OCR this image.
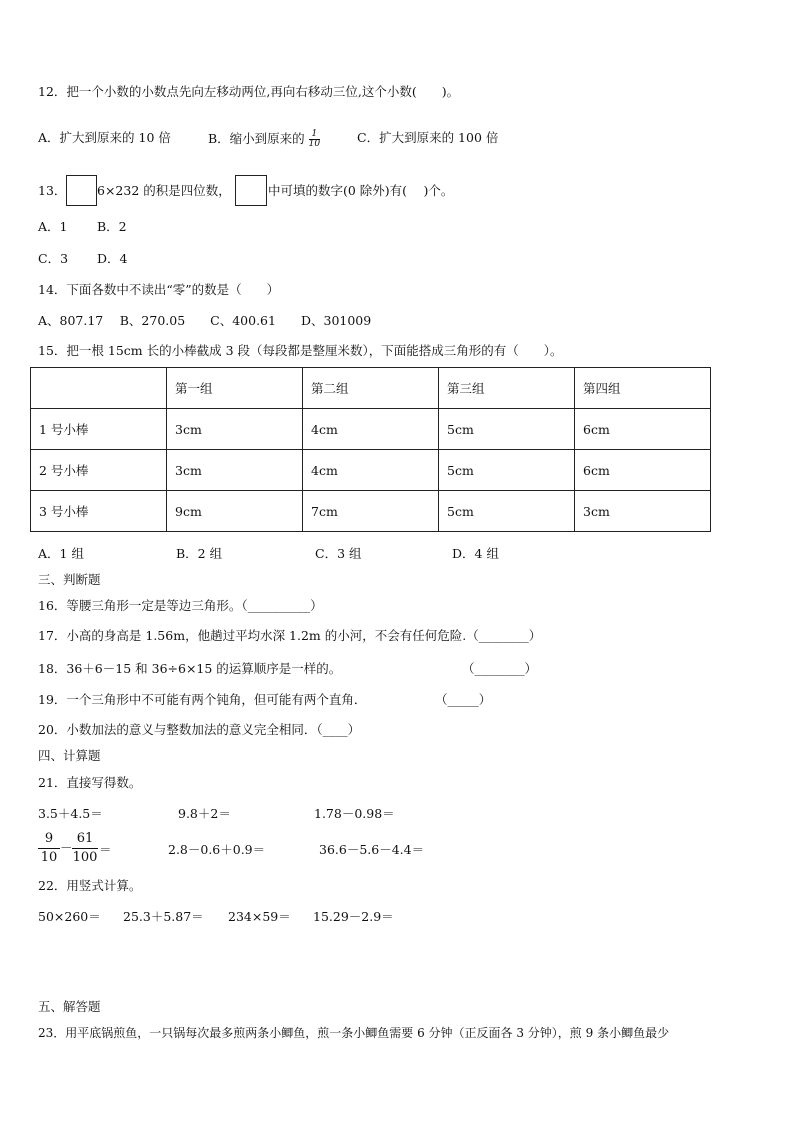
12．把一个小数的小数点先向左移动两位,再向右移动三位,这个小数(　　)。
A．扩大到原来的 10 倍	B．缩小到原来的 $\frac{1}{10}$	C．扩大到原来的 100 倍
13． 6×232 的积是四位数，	中可填的数字(0 除外)有(　 )个。
A．1 B．2
C．3 D．4
14．下面各数中不读出“零”的数是（　　）
A、807.17　 B、270.05　　C、400.61　　D、301009
15．把一根 15cm 长的小棒截成 3 段（每段都是整厘米数），下面能搭成三角形的有（　　）。
	第一组	第二组	第三组	第四组
1 号小棒	3cm	4cm	5cm	6cm
2 号小棒	3cm	4cm	5cm	6cm
3 号小棒	9cm	7cm	5cm	3cm
A．1 组	B．2 组	C．3 组	D．4 组
三、判断题
16．等腰三角形一定是等边三角形。（__________）
17．小高的身高是 1.56m，他趟过平均水深 1.2m 的小河，不会有任何危险.（________）
18．36＋6－15 和 36÷6×15 的运算顺序是一样的。	（________）
19．一个三角形中不可能有两个钝角，但可能有两个直角．	（_____）
20．小数加法的意义与整数加法的意义完全相同．（____）
四、计算题
21．直接写得数。
3.5＋4.5＝	9.8＋2＝	1.78－0.98＝
$\frac{9}{10} - \frac{61}{100}$ ＝	2.8－0.6＋0.9＝	36.6－5.6－4.4＝
22．用竖式计算。
50×260＝ 25.3＋5.87＝ 234×59＝ 15.29－2.9＝
五、解答题
23．用平底锅煎鱼，一只锅每次最多煎两条小鲫鱼，煎一条小鲫鱼需要 6 分钟（正反面各 3 分钟），煎 9 条小鲫鱼最少
